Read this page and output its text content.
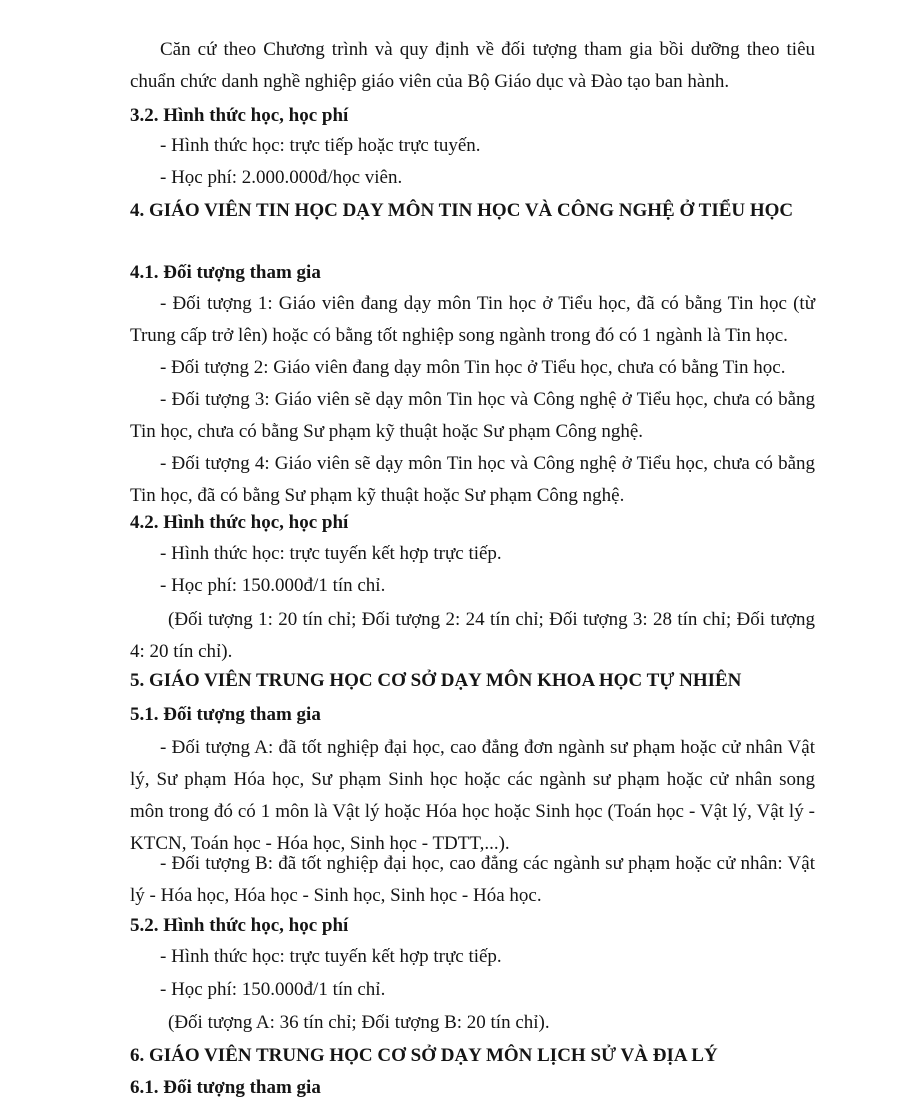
Căn cứ theo Chương trình và quy định về đối tượng tham gia bồi dưỡng theo tiêu chuẩn chức danh nghề nghiệp giáo viên của Bộ Giáo dục và Đào tạo ban hành.

3.2. Hình thức học, học phí

- Hình thức học: trực tiếp hoặc trực tuyến.

- Học phí: 2.000.000đ/học viên.

4. GIÁO VIÊN TIN HỌC DẠY MÔN TIN HỌC VÀ CÔNG NGHỆ Ở TIỂU HỌC

4.1. Đối tượng tham gia

- Đối tượng 1: Giáo viên đang dạy môn Tin học ở Tiểu học, đã có bằng Tin học (từ Trung cấp trở lên) hoặc có bằng tốt nghiệp song ngành trong đó có 1 ngành là Tin học.

- Đối tượng 2: Giáo viên đang dạy môn Tin học ở Tiểu học, chưa có bằng Tin học.

- Đối tượng 3: Giáo viên sẽ dạy môn Tin học và Công nghệ ở Tiểu học, chưa có bằng Tin học, chưa có bằng Sư phạm kỹ thuật hoặc Sư phạm Công nghệ.

- Đối tượng 4: Giáo viên sẽ dạy môn Tin học và Công nghệ ở Tiểu học, chưa có bằng Tin học, đã có bằng Sư phạm kỹ thuật hoặc Sư phạm Công nghệ.

4.2. Hình thức học, học phí

- Hình thức học: trực tuyến kết hợp trực tiếp.

- Học phí: 150.000đ/1 tín chỉ.

(Đối tượng 1: 20 tín chỉ; Đối tượng 2: 24 tín chỉ; Đối tượng 3: 28 tín chỉ; Đối tượng 4: 20 tín chỉ).

5. GIÁO VIÊN TRUNG HỌC CƠ SỞ DẠY MÔN KHOA HỌC TỰ NHIÊN

5.1. Đối tượng tham gia

- Đối tượng A: đã tốt nghiệp đại học, cao đẳng đơn ngành sư phạm hoặc cử nhân Vật lý, Sư phạm Hóa học, Sư phạm Sinh học hoặc các ngành sư phạm hoặc cử nhân song môn trong đó có 1 môn là Vật lý hoặc Hóa học hoặc Sinh học (Toán học - Vật lý, Vật lý - KTCN, Toán học - Hóa học, Sinh học - TDTT,...).

- Đối tượng B: đã tốt nghiệp đại học, cao đẳng các ngành sư phạm hoặc cử nhân: Vật lý - Hóa học, Hóa học - Sinh học, Sinh học - Hóa học.

5.2. Hình thức học, học phí

- Hình thức học: trực tuyến kết hợp trực tiếp.

- Học phí: 150.000đ/1 tín chỉ.

(Đối tượng A: 36 tín chỉ; Đối tượng B: 20 tín chỉ).

6. GIÁO VIÊN TRUNG HỌC CƠ SỞ DẠY MÔN LỊCH SỬ VÀ ĐỊA LÝ

6.1. Đối tượng tham gia
